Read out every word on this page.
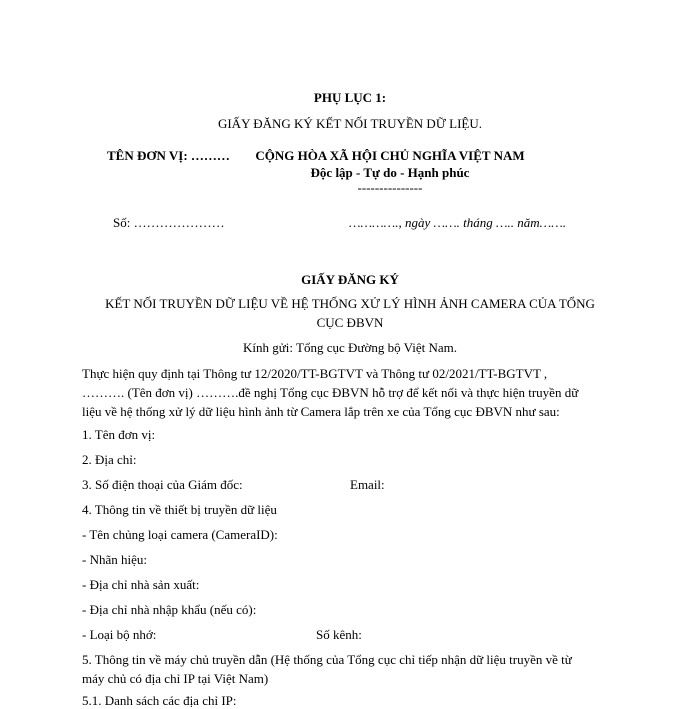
PHỤ LỤC 1:
GIẤY ĐĂNG KÝ KẾT NỐI TRUYỀN DỮ LIỆU.
TÊN ĐƠN VỊ: ………	CỘNG HÒA XÃ HỘI CHỦ NGHĨA VIỆT NAM
Độc lập - Tự do - Hạnh phúc
---------------
Số: …………………	…………., ngày ……. tháng ….. năm…….
GIẤY ĐĂNG KÝ
KẾT NỐI TRUYỀN DỮ LIỆU VỀ HỆ THỐNG XỬ LÝ HÌNH ẢNH CAMERA CỦA TỔNG
CỤC ĐBVN
Kính gửi: Tổng cục Đường bộ Việt Nam.
Thực hiện quy định tại Thông tư 12/2020/TT-BGTVT và Thông tư 02/2021/TT-BGTVT ,
………. (Tên đơn vị) ……….đề nghị Tổng cục ĐBVN hỗ trợ để kết nối và thực hiện truyền dữ
liệu về hệ thống xử lý dữ liệu hình ảnh từ Camera lắp trên xe của Tổng cục ĐBVN như sau:
1. Tên đơn vị:
2. Địa chỉ:
3. Số điện thoại của Giám đốc:	Email:
4. Thông tin về thiết bị truyền dữ liệu
- Tên chủng loại camera (CameraID):
- Nhãn hiệu:
- Địa chỉ nhà sản xuất:
- Địa chỉ nhà nhập khẩu (nếu có):
- Loại bộ nhớ:	Số kênh:
5. Thông tin về máy chủ truyền dẫn (Hệ thống của Tổng cục chỉ tiếp nhận dữ liệu truyền về từ
máy chủ có địa chỉ IP tại Việt Nam)
5.1. Danh sách các địa chỉ IP:
